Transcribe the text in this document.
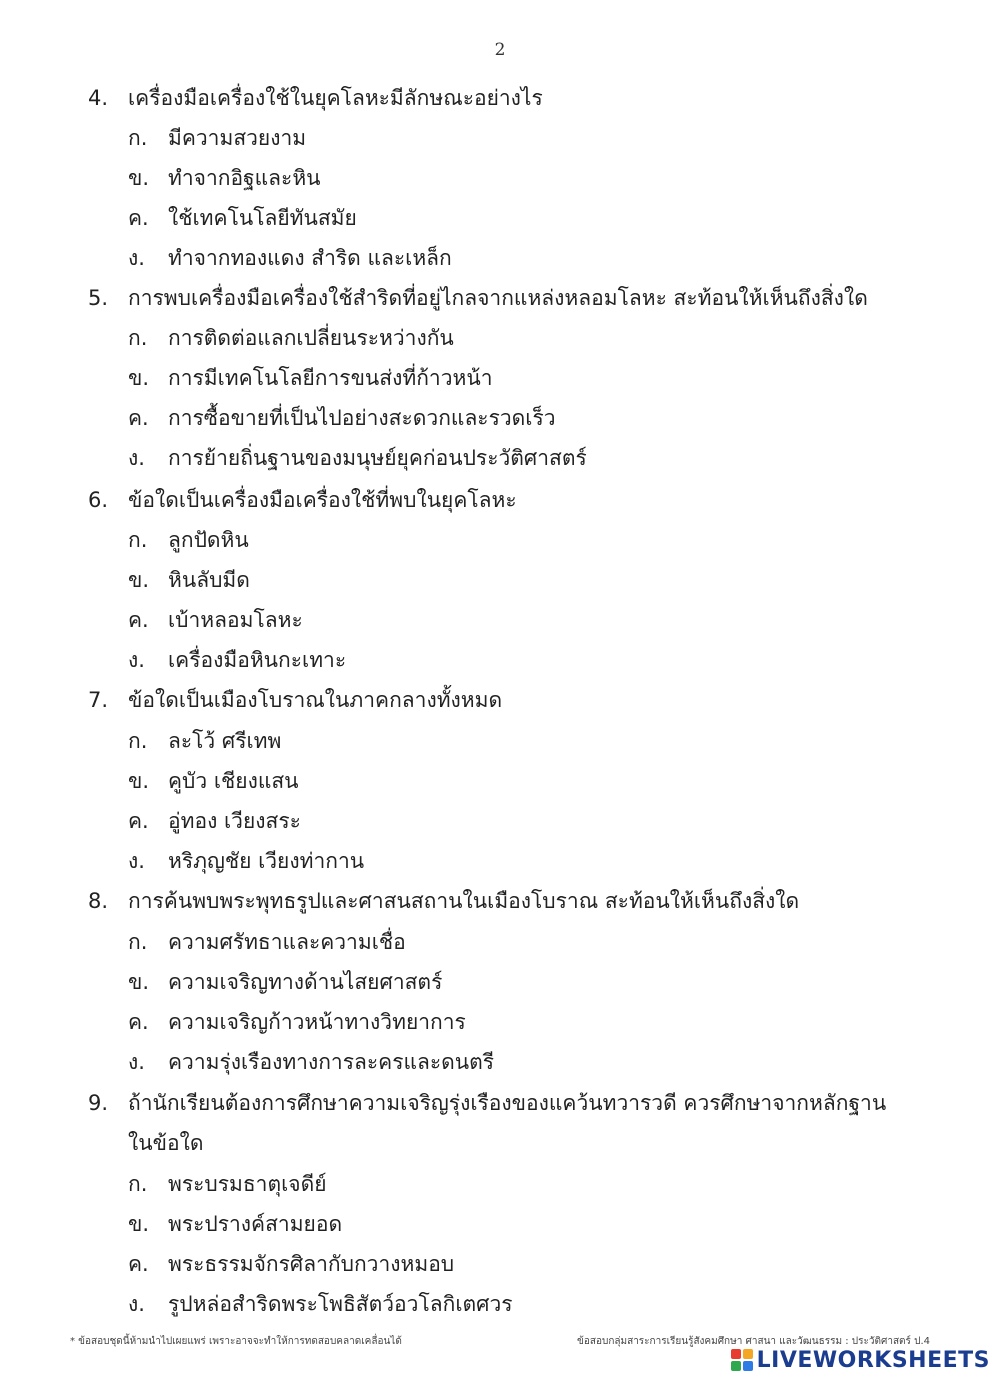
2
4. เครื่องมือเครื่องใช้ในยุคโลหะมีลักษณะอย่างไร
ก. มีความสวยงาม
ข. ทำจากอิฐและหิน
ค. ใช้เทคโนโลยีทันสมัย
ง. ทำจากทองแดง สำริด และเหล็ก
5. การพบเครื่องมือเครื่องใช้สำริดที่อยู่ไกลจากแหล่งหลอมโลหะ สะท้อนให้เห็นถึงสิ่งใด
ก. การติดต่อแลกเปลี่ยนระหว่างกัน
ข. การมีเทคโนโลยีการขนส่งที่ก้าวหน้า
ค. การซื้อขายที่เป็นไปอย่างสะดวกและรวดเร็ว
ง. การย้ายถิ่นฐานของมนุษย์ยุคก่อนประวัติศาสตร์
6. ข้อใดเป็นเครื่องมือเครื่องใช้ที่พบในยุคโลหะ
ก. ลูกปัดหิน
ข. หินลับมีด
ค. เบ้าหลอมโลหะ
ง. เครื่องมือหินกะเทาะ
7. ข้อใดเป็นเมืองโบราณในภาคกลางทั้งหมด
ก. ละโว้ ศรีเทพ
ข. คูบัว เชียงแสน
ค. อู่ทอง เวียงสระ
ง. หริภุญชัย เวียงท่ากาน
8. การค้นพบพระพุทธรูปและศาสนสถานในเมืองโบราณ สะท้อนให้เห็นถึงสิ่งใด
ก. ความศรัทธาและความเชื่อ
ข. ความเจริญทางด้านไสยศาสตร์
ค. ความเจริญก้าวหน้าทางวิทยาการ
ง. ความรุ่งเรืองทางการละครและดนตรี
9. ถ้านักเรียนต้องการศึกษาความเจริญรุ่งเรืองของแคว้นทวารวดี ควรศึกษาจากหลักฐาน
ในข้อใด
ก. พระบรมธาตุเจดีย์
ข. พระปรางค์สามยอด
ค. พระธรรมจักรศิลากับกวางหมอบ
ง. รูปหล่อสำริดพระโพธิสัตว์อวโลกิเตศวร
* ข้อสอบชุดนี้ห้ามนำไปเผยแพร่ เพราะอาจจะทำให้การทดสอบคลาดเคลื่อนได้	ข้อสอบกลุ่มสาระการเรียนรู้สังคมศึกษา ศาสนา และวัฒนธรรม : ประวัติศาสตร์ ป.4
LIVEWORKSHEETS
